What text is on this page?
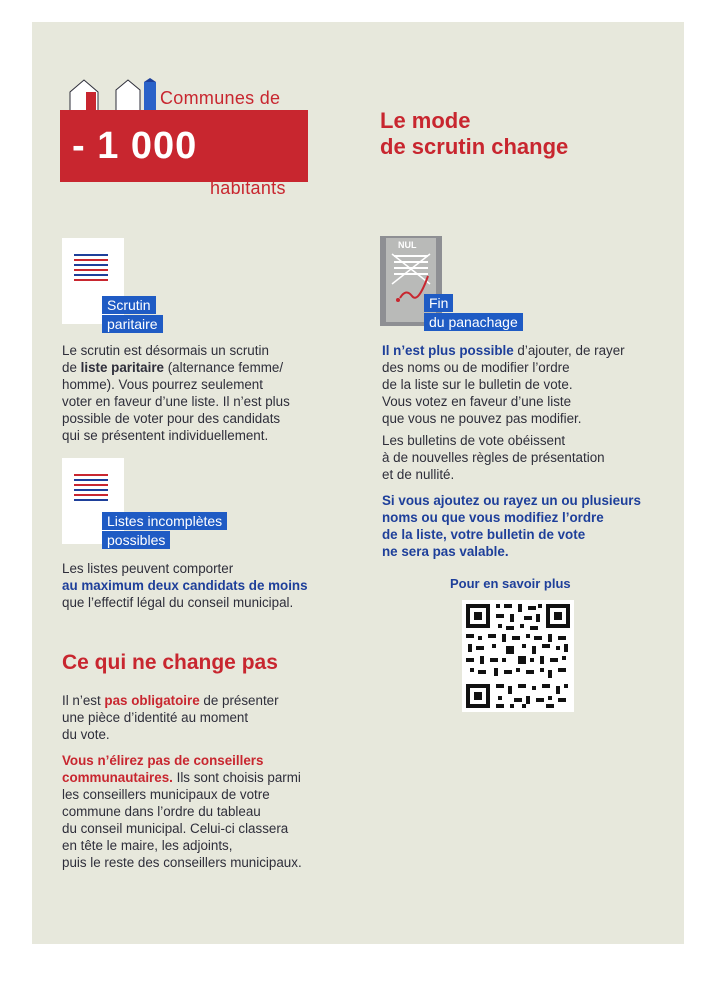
Communes de
- 1 000
habitants
Le mode
de scrutin change
Scrutin
paritaire
Le scrutin est désormais un scrutin
de liste paritaire (alternance femme/
homme). Vous pourrez seulement
voter en faveur d’une liste. Il n’est plus
possible de voter pour des candidats
qui se présentent individuellement.
Listes incomplètes
possibles
Les listes peuvent comporter
au maximum deux candidats de moins
que l’effectif légal du conseil municipal.
Ce qui ne change pas
Il n’est pas obligatoire de présenter
une pièce d’identité au moment
du vote.
Vous n’élirez pas de conseillers
communautaires. Ils sont choisis parmi
les conseillers municipaux de votre
commune dans l’ordre du tableau
du conseil municipal. Celui-ci classera
en tête le maire, les adjoints,
puis le reste des conseillers municipaux.
NUL
Fin
du panachage
Il n’est plus possible d’ajouter, de rayer
des noms ou de modifier l’ordre
de la liste sur le bulletin de vote.
Vous votez en faveur d’une liste
que vous ne pouvez pas modifier.
Les bulletins de vote obéissent
à de nouvelles règles de présentation
et de nullité.
Si vous ajoutez ou rayez un ou plusieurs
noms ou que vous modifiez l’ordre
de la liste, votre bulletin de vote
ne sera pas valable.
Pour en savoir plus
